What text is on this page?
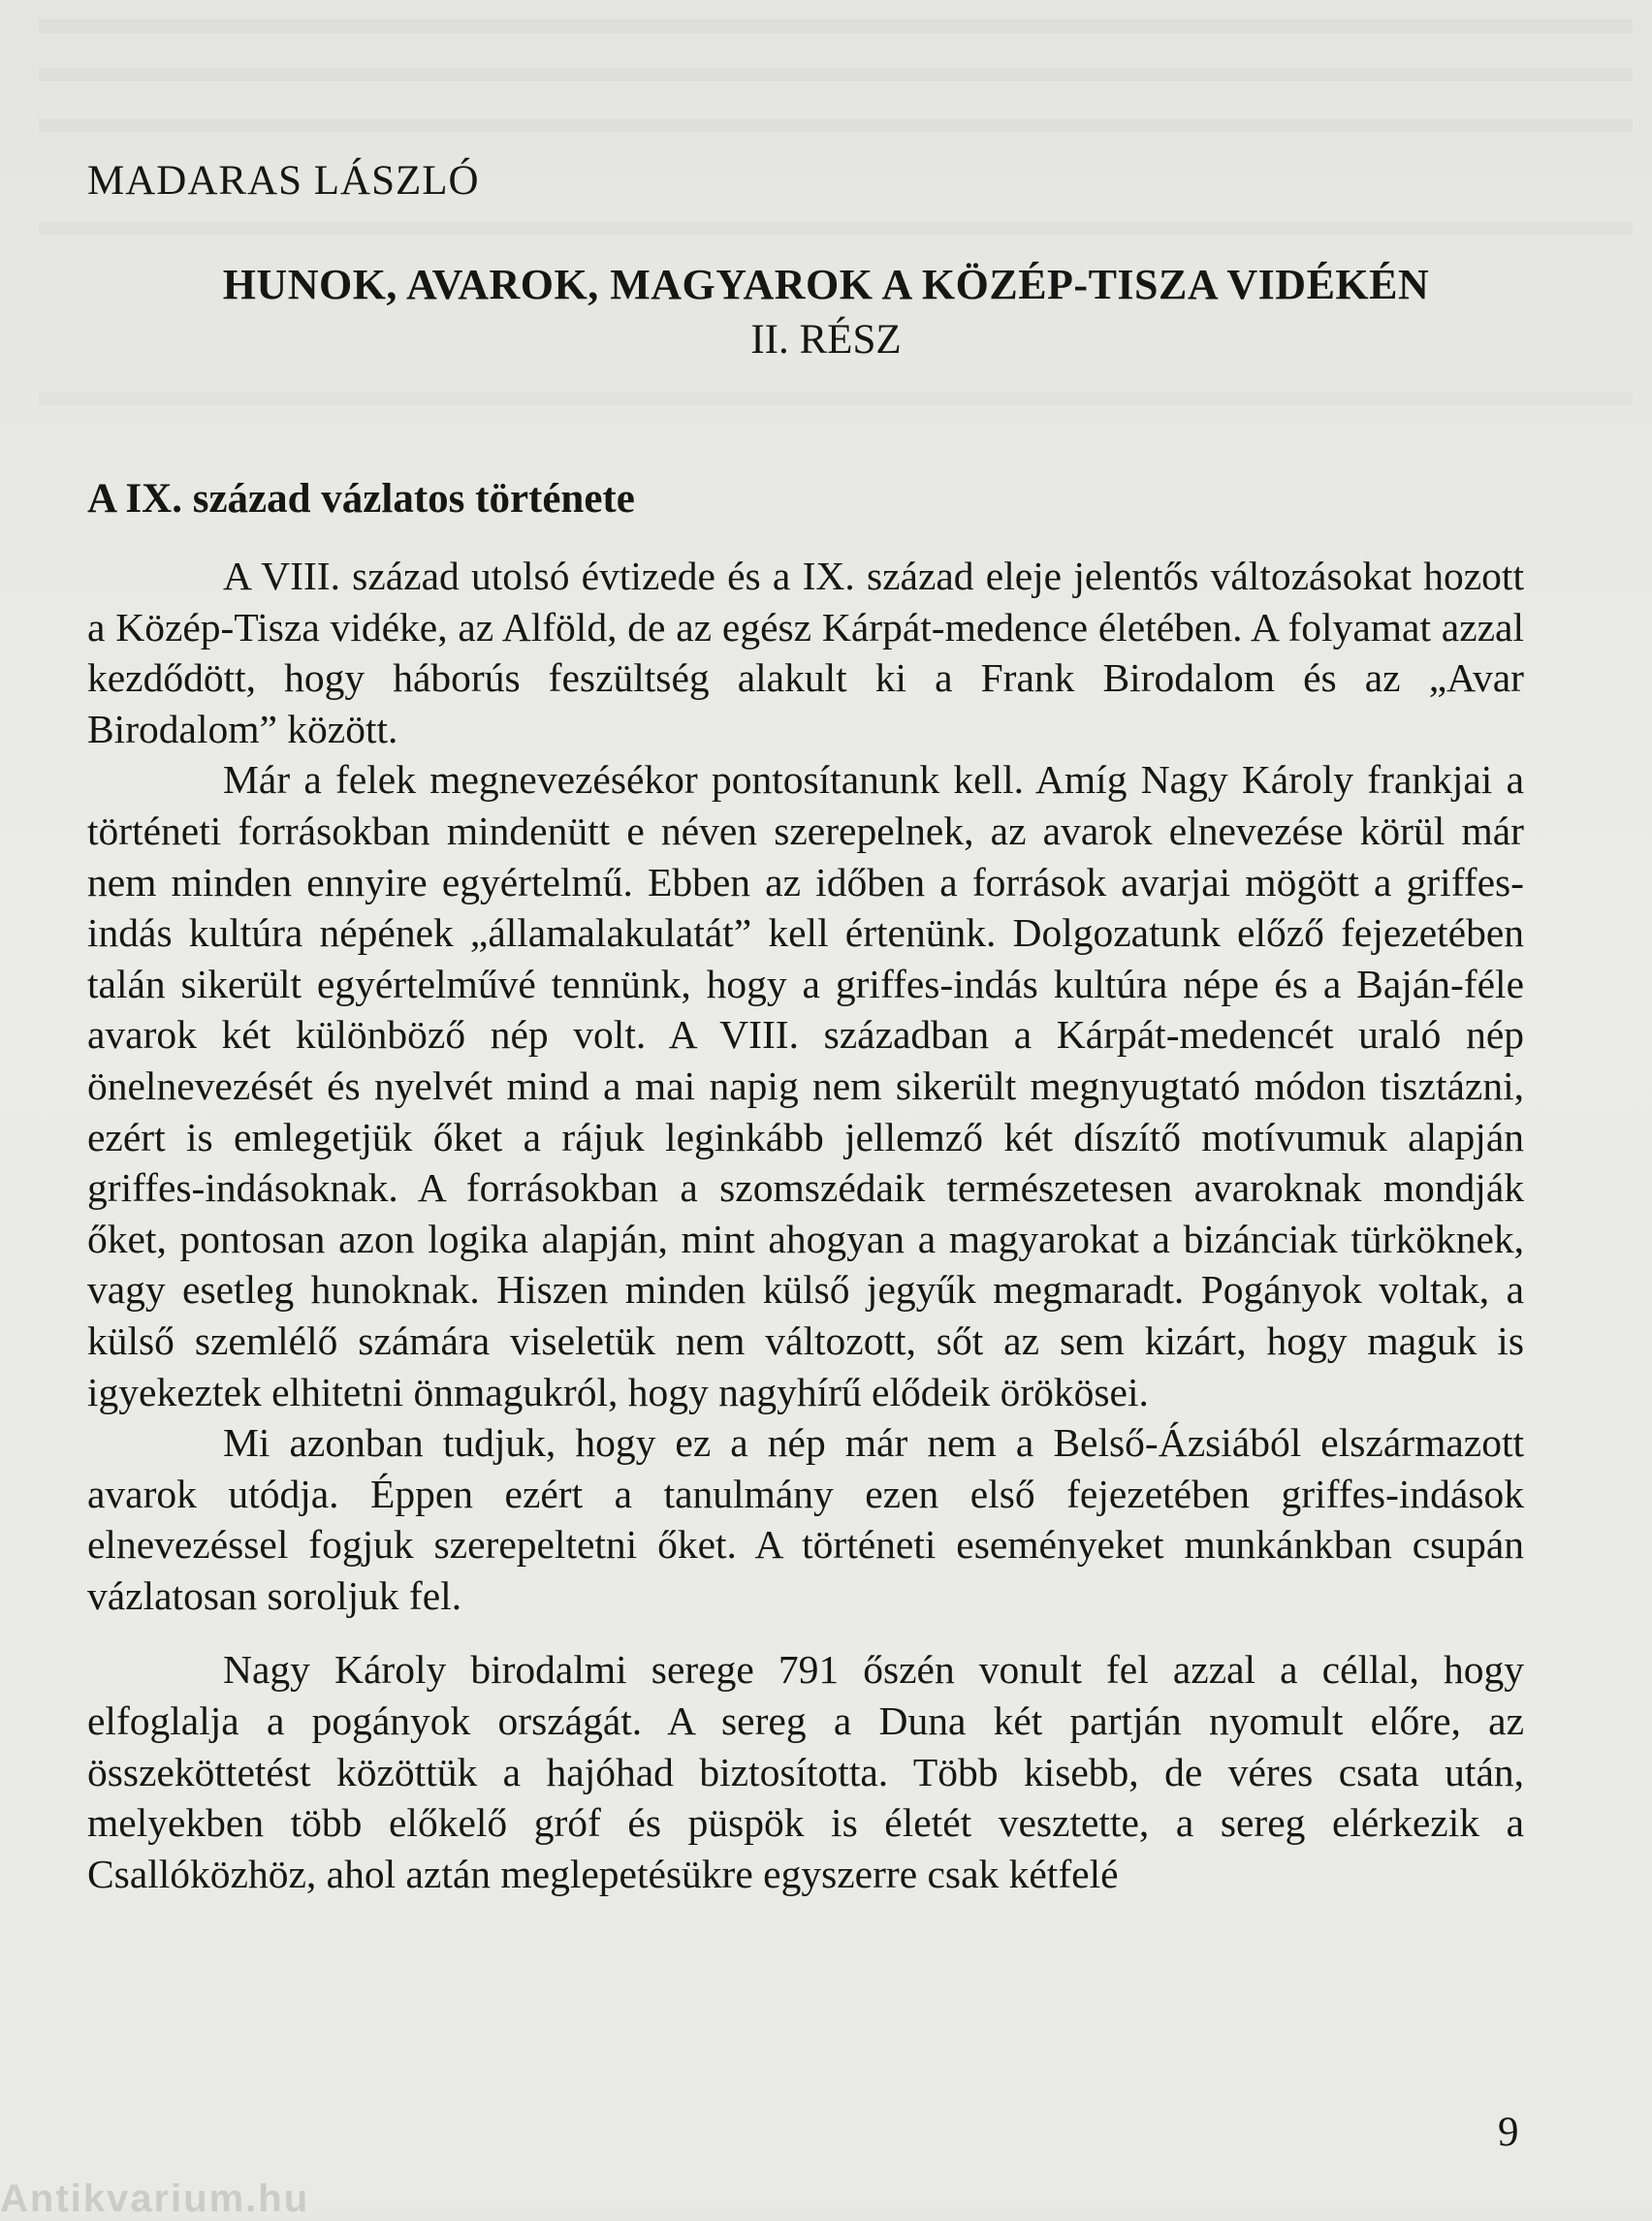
MADARAS LÁSZLÓ
HUNOK, AVAROK, MAGYAROK A KÖZÉP-TISZA VIDÉKÉN
II. RÉSZ
A IX. század vázlatos története

A VIII. század utolsó évtizede és a IX. század eleje jelentős változásokat hozott a Közép-Tisza vidéke, az Alföld, de az egész Kárpát-medence életében. A folyamat azzal kezdődött, hogy háborús feszültség alakult ki a Frank Birodalom és az „Avar Birodalom” között.

Már a felek megnevezésékor pontosítanunk kell. Amíg Nagy Károly frankjai a történeti forrásokban mindenütt e néven szerepelnek, az avarok elnevezése körül már nem minden ennyire egyértelmű. Ebben az időben a források avarjai mögött a griffes-indás kultúra népének „államalakulatát” kell értenünk. Dolgozatunk előző fejezetében talán sikerült egyértelművé tennünk, hogy a griffes-indás kultúra népe és a Baján-féle avarok két különböző nép volt. A VIII. században a Kárpát-medencét uraló nép önelnevezését és nyelvét mind a mai napig nem sikerült megnyugtató módon tisztázni, ezért is emlegetjük őket a rájuk leginkább jellemző két díszítő motívumuk alapján griffes-indásoknak. A forrásokban a szomszédaik természetesen avaroknak mondják őket, pontosan azon logika alapján, mint ahogyan a magyarokat a bizánciak türköknek, vagy esetleg hunoknak. Hiszen minden külső jegyűk megmaradt. Pogányok voltak, a külső szemlélő számára viseletük nem változott, sőt az sem kizárt, hogy maguk is igyekeztek elhitetni önmagukról, hogy nagyhírű elődeik örökösei.

Mi azonban tudjuk, hogy ez a nép már nem a Belső-Ázsiából elszármazott avarok utódja. Éppen ezért a tanulmány ezen első fejezetében griffes-indások elnevezéssel fogjuk szerepeltetni őket. A történeti eseményeket munkánkban csupán vázlatosan soroljuk fel.

Nagy Károly birodalmi serege 791 őszén vonult fel azzal a céllal, hogy elfoglalja a pogányok országát. A sereg a Duna két partján nyomult előre, az összeköttetést közöttük a hajóhad biztosította. Több kisebb, de véres csata után, melyekben több előkelő gróf és püspök is életét vesztette, a sereg elérkezik a Csallóközhöz, ahol aztán meglepetésükre egyszerre csak kétfelé

9
Antikvarium.hu
